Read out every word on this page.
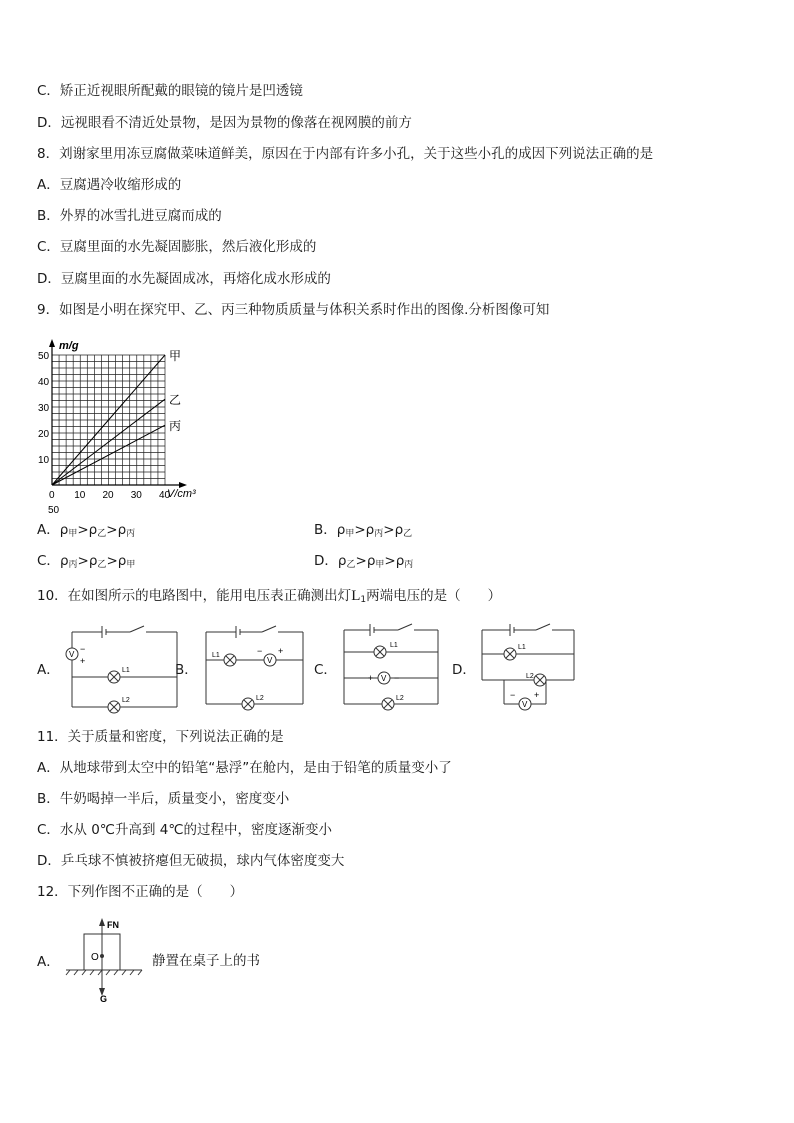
C．矫正近视眼所配戴的眼镜的镜片是凹透镜
D．远视眼看不清近处景物，是因为景物的像落在视网膜的前方
8．刘谢家里用冻豆腐做菜味道鲜美，原因在于内部有许多小孔，关于这些小孔的成因下列说法正确的是
A．豆腐遇冷收缩形成的
B．外界的冰雪扎进豆腐而成的
C．豆腐里面的水先凝固膨胀，然后液化形成的
D．豆腐里面的水先凝固成冰，再熔化成水形成的
9．如图是小明在探究甲、乙、丙三种物质质量与体积关系时作出的图像.分析图像可知
甲
乙
丙
50
40
30
20
10
0 10 20 30 40
50
m/g
V/cm³
A．$\rho_甲>\rho_乙>\rho_丙$	B．$\rho_甲>\rho_丙>\rho_乙$
C．$\rho_丙>\rho_乙>\rho_甲$	D．$\rho_乙>\rho_甲>\rho_丙$
10．在如图所示的电路图中，能用电压表正确测出灯$L_1$两端电压的是（　　）
A．
V
−
+
L1
L2
B．
L1
V
− +
L2
C．
L1
V
+ −
L2
D．
L1
L2
V
− +
11．关于质量和密度，下列说法正确的是
A．从地球带到太空中的铅笔“悬浮”在舱内，是由于铅笔的质量变小了
B．牛奶喝掉一半后，质量变小，密度变小
C．水从 0℃升高到 4℃的过程中，密度逐渐变小
D．乒乓球不慎被挤瘪但无破损，球内气体密度变大
12．下列作图不正确的是（　　）
A．
FN
O
G
静置在桌子上的书
